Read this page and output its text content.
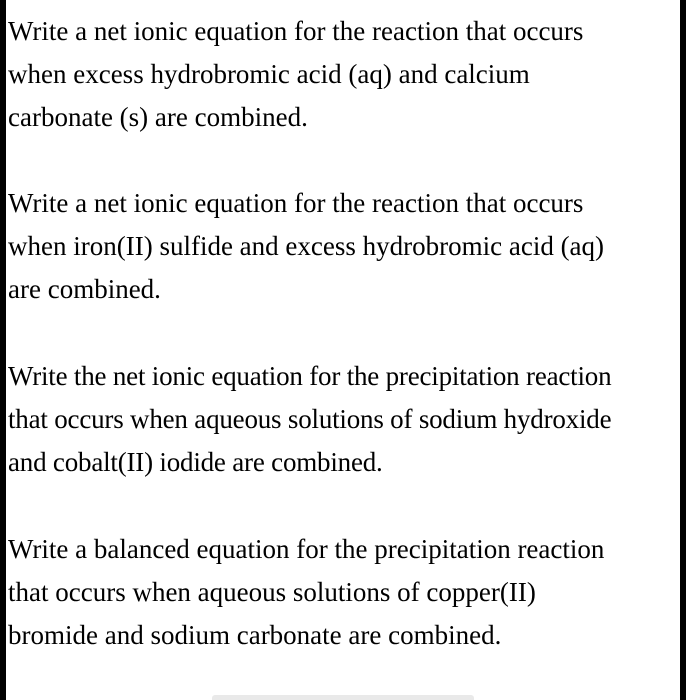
Write a net ionic equation for the reaction that occurs
when excess hydrobromic acid (aq) and calcium
carbonate (s) are combined.

Write a net ionic equation for the reaction that occurs
when iron(II) sulfide and excess hydrobromic acid (aq)
are combined.

Write the net ionic equation for the precipitation reaction
that occurs when aqueous solutions of sodium hydroxide
and cobalt(II) iodide are combined.

Write a balanced equation for the precipitation reaction
that occurs when aqueous solutions of copper(II)
bromide and sodium carbonate are combined.
